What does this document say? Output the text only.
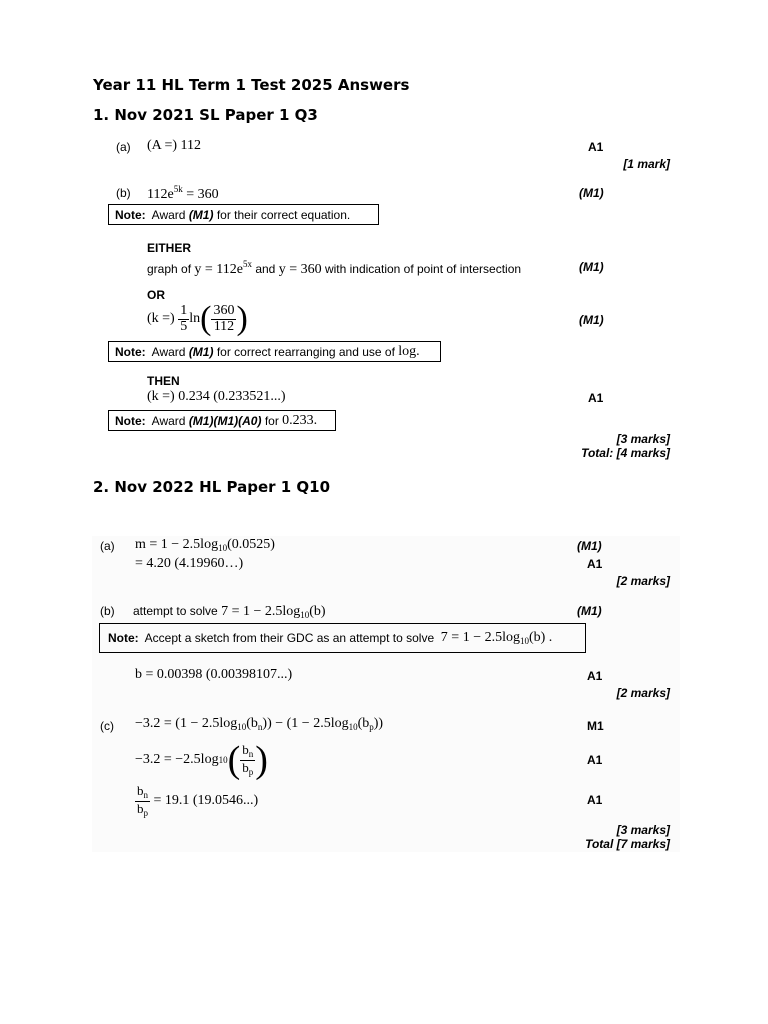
Year 11 HL Term 1 Test 2025 Answers
1. Nov 2021 SL Paper 1 Q3
(a) (A =) 112	A1
[1 mark]
(b) $112e^{5k} = 360$	(M1)
Note: Award
(M1)
for their correct equation.
EITHER
graph of $y = 112e^{5x}$ and y = 360 with indication of point of intersection	(M1)
OR
(k =)
$\frac{1}{5}$ ln ( $\frac{360}{112}$ )	(M1)
Note: Award
(M1)
for correct rearranging and use of
log.
THEN
(k =) 0.234 (0.233521...)	A1
Note: Award
(M1)(M1)(A0)
for
0.233.
[3 marks]
Total: [4 marks]
2. Nov 2022 HL Paper 1 Q10
(a) $m = 1 - 2.5\log_{10}(0.0525)$	(M1)
= 4.20 (4.19960…)	A1
[2 marks]
(b) attempt to solve $7 = 1 - 2.5\log_{10}(b)$	(M1)
Note: Accept a sketch from their GDC as an attempt to solve
$7 = 1 - 2.5\log_{10}(b)$ .
b = 0.00398 (0.00398107...)	A1
[2 marks]
$(c) -3.2 = (1 - 2.5\log_{10}(b_n)) - (1 - 2.5\log_{10}(b_p))$	M1
−3.2 = −2.5log 10 ( $\frac{b_n}{b_p}$ )	A1
$\frac{b_n}{b_p}$
= 19.1 (19.0546...)	A1
[3 marks]
Total [7 marks]
